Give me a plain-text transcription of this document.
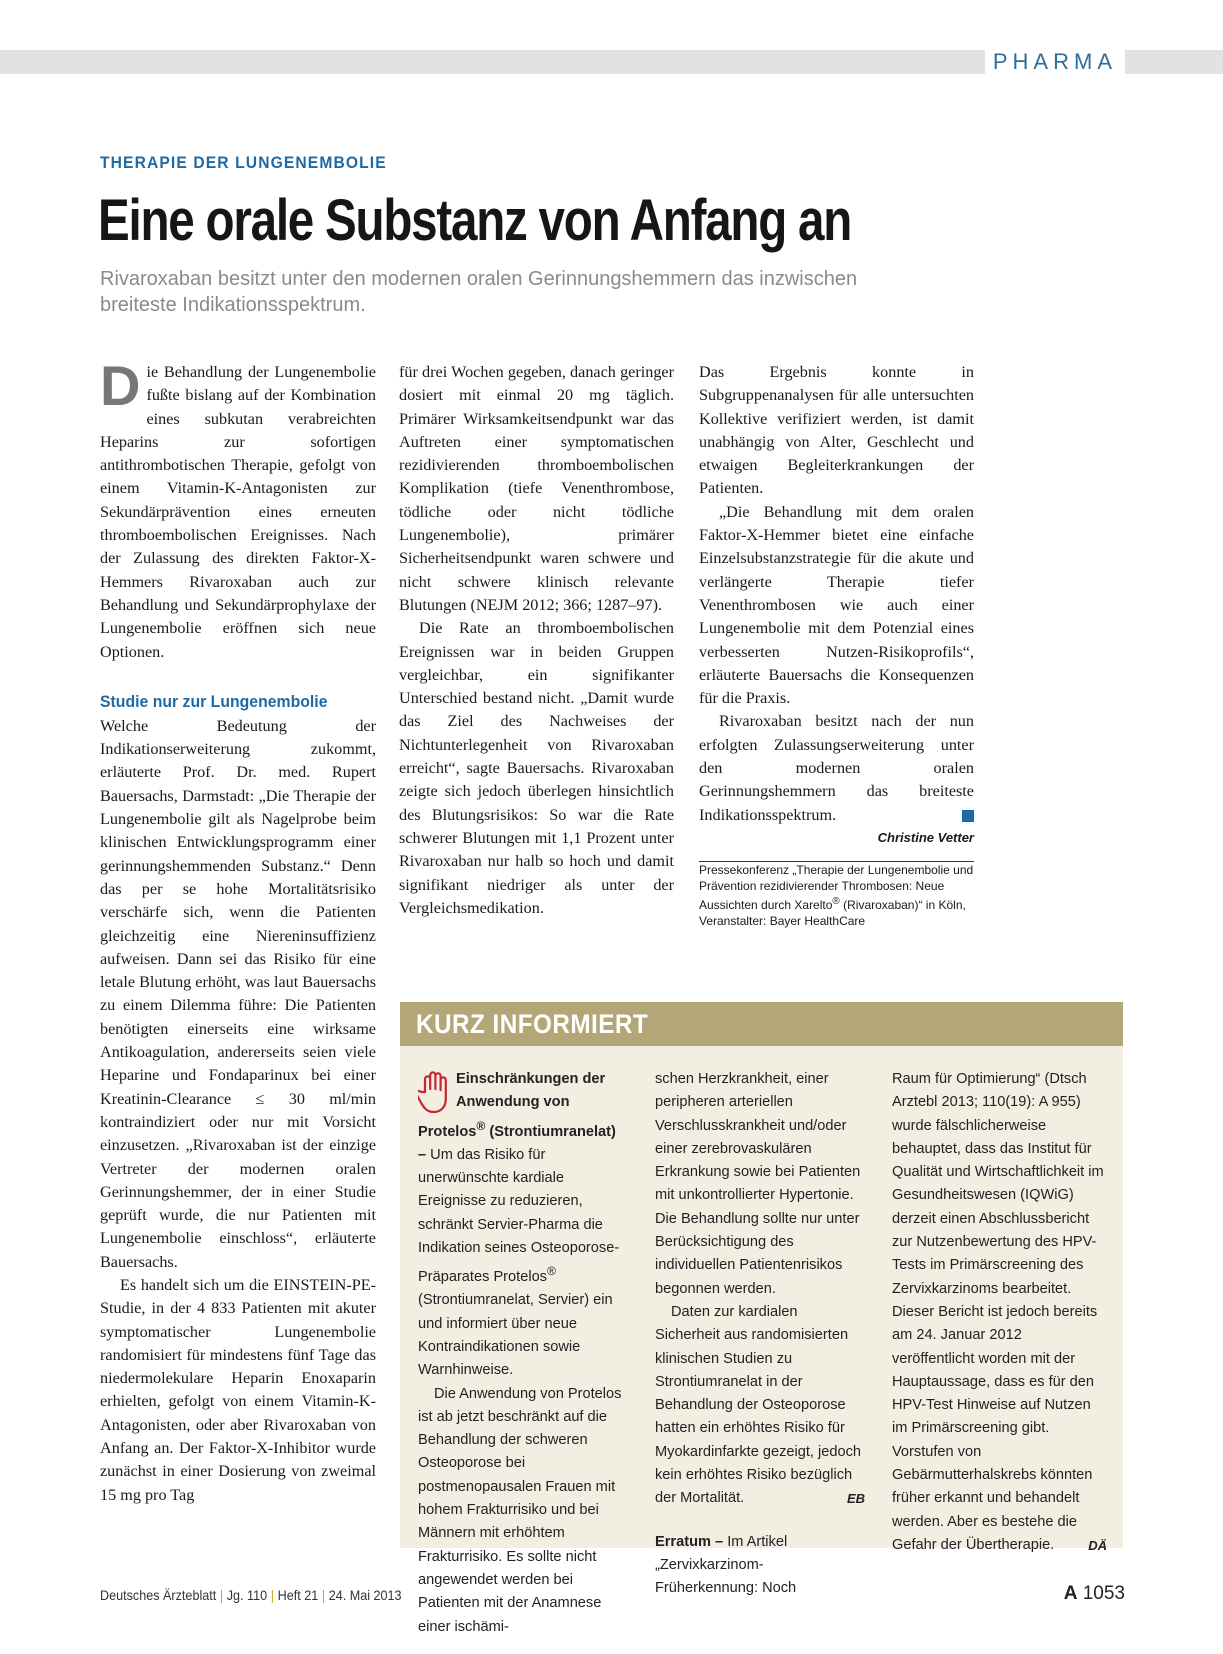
PHARMA
THERAPIE DER LUNGENEMBOLIE
Eine orale Substanz von Anfang an

Rivaroxaban besitzt unter den modernen oralen Gerinnungshemmern das inzwischen breiteste Indikationsspektrum.

Die Behandlung der Lungenembolie fußte bislang auf der Kombination eines subkutan verabreichten Heparins zur sofortigen antithrombotischen Therapie, gefolgt von einem Vitamin-K-Antagonisten zur Sekundärprävention eines erneuten thromboembolischen Ereignisses. Nach der Zulassung des direkten Faktor-X-Hemmers Rivaroxaban auch zur Behandlung und Sekundärprophylaxe der Lungenembolie eröffnen sich neue Optionen.

Studie nur zur Lungenembolie

Welche Bedeutung der Indikationserweiterung zukommt, erläuterte Prof. Dr. med. Rupert Bauersachs, Darmstadt: „Die Therapie der Lungenembolie gilt als Nagelprobe beim klinischen Entwicklungsprogramm einer gerinnungshemmenden Substanz.“ Denn das per se hohe Mortalitätsrisiko verschärfe sich, wenn die Patienten gleichzeitig eine Niereninsuffizienz aufweisen. Dann sei das Risiko für eine letale Blutung erhöht, was laut Bauersachs zu einem Dilemma führe: Die Patienten benötigten einerseits eine wirksame Antikoagulation, andererseits seien viele Heparine und Fondaparinux bei einer Kreatinin-Clearance ≤ 30 ml/min kontraindiziert oder nur mit Vorsicht einzusetzen. „Rivaroxaban ist der einzige Vertreter der modernen oralen Gerinnungshemmer, der in einer Studie geprüft wurde, die nur Patienten mit Lungenembolie einschloss“, erläuterte Bauersachs.

Es handelt sich um die EINSTEIN-PE-Studie, in der 4 833 Patienten mit akuter symptomatischer Lungenembolie randomisiert für mindestens fünf Tage das niedermolekulare Heparin Enoxaparin erhielten, gefolgt von einem Vitamin-K-Antagonisten, oder aber Rivaroxaban von Anfang an. Der Faktor-X-Inhibitor wurde zunächst in einer Dosierung von zweimal 15 mg pro Tag

für drei Wochen gegeben, danach geringer dosiert mit einmal 20 mg täglich. Primärer Wirksamkeitsendpunkt war das Auftreten einer symptomatischen rezidivierenden thromboembolischen Komplikation (tiefe Venenthrombose, tödliche oder nicht tödliche Lungenembolie), primärer Sicherheitsendpunkt waren schwere und nicht schwere klinisch relevante Blutungen (NEJM 2012; 366; 1287–97).

Die Rate an thromboembolischen Ereignissen war in beiden Gruppen vergleichbar, ein signifikanter Unterschied bestand nicht. „Damit wurde das Ziel des Nachweises der Nichtunterlegenheit von Rivaroxaban erreicht“, sagte Bauersachs. Rivaroxaban zeigte sich jedoch überlegen hinsichtlich des Blutungsrisikos: So war die Rate schwerer Blutungen mit 1,1 Prozent unter Rivaroxaban nur halb so hoch und damit signifikant niedriger als unter der Vergleichsmedikation.

Das Ergebnis konnte in Subgruppenanalysen für alle untersuchten Kollektive verifiziert werden, ist damit unabhängig von Alter, Geschlecht und etwaigen Begleiterkrankungen der Patienten.

„Die Behandlung mit dem oralen Faktor-X-Hemmer bietet eine einfache Einzelsubstanzstrategie für die akute und verlängerte Therapie tiefer Venenthrombosen wie auch einer Lungenembolie mit dem Potenzial eines verbesserten Nutzen-Risikoprofils“, erläuterte Bauersachs die Konsequenzen für die Praxis.

Rivaroxaban besitzt nach der nun erfolgten Zulassungserweiterung unter den modernen oralen Gerinnungshemmern das breiteste Indikationsspektrum.

Christine Vetter

Pressekonferenz „Therapie der Lungenembolie und Prävention rezidivierender Thrombosen: Neue Aussichten durch Xarelto® (Rivaroxaban)“ in Köln, Veranstalter: Bayer HealthCare

KURZ INFORMIERT

Einschränkungen der Anwendung von Protelos® (Strontiumranelat) – Um das Risiko für unerwünschte kardiale Ereignisse zu reduzieren, schränkt Servier-Pharma die Indikation seines Osteoporose-Präparates Protelos® (Strontiumranelat, Servier) ein und informiert über neue Kontraindikationen sowie Warnhinweise.

Die Anwendung von Protelos ist ab jetzt beschränkt auf die Behandlung der schweren Osteoporose bei postmenopausalen Frauen mit hohem Frakturrisiko und bei Männern mit erhöhtem Frakturrisiko. Es sollte nicht angewendet werden bei Patienten mit der Anamnese einer ischämi-

schen Herzkrankheit, einer peripheren arteriellen Verschlusskrankheit und/oder einer zerebrovaskulären Erkrankung sowie bei Patienten mit unkontrollierter Hypertonie. Die Behandlung sollte nur unter Berücksichtigung des individuellen Patientenrisikos begonnen werden.

Daten zur kardialen Sicherheit aus randomisierten klinischen Studien zu Strontiumranelat in der Behandlung der Osteoporose hatten ein erhöhtes Risiko für Myokardinfarkte gezeigt, jedoch kein erhöhtes Risiko bezüglich der Mortalität.	EB

Erratum – Im Artikel „Zervixkarzinom-Früherkennung: Noch

Raum für Optimierung“ (Dtsch Arztebl 2013; 110(19): A 955) wurde fälschlicherweise behauptet, dass das Institut für Qualität und Wirtschaftlichkeit im Gesundheitswesen (IQWiG) derzeit einen Abschlussbericht zur Nutzenbewertung des HPV-Tests im Primärscreening des Zervixkarzinoms bearbeitet. Dieser Bericht ist jedoch bereits am 24. Januar 2012 veröffentlicht worden mit der Hauptaussage, dass es für den HPV-Test Hinweise auf Nutzen im Primärscreening gibt. Vorstufen von Gebärmutterhalskrebs könnten früher erkannt und behandelt werden. Aber es bestehe die Gefahr der Übertherapie.	DÄ

Deutsches Ärzteblatt | Jg. 110 | Heft 21 | 24. Mai 2013	A 1053
